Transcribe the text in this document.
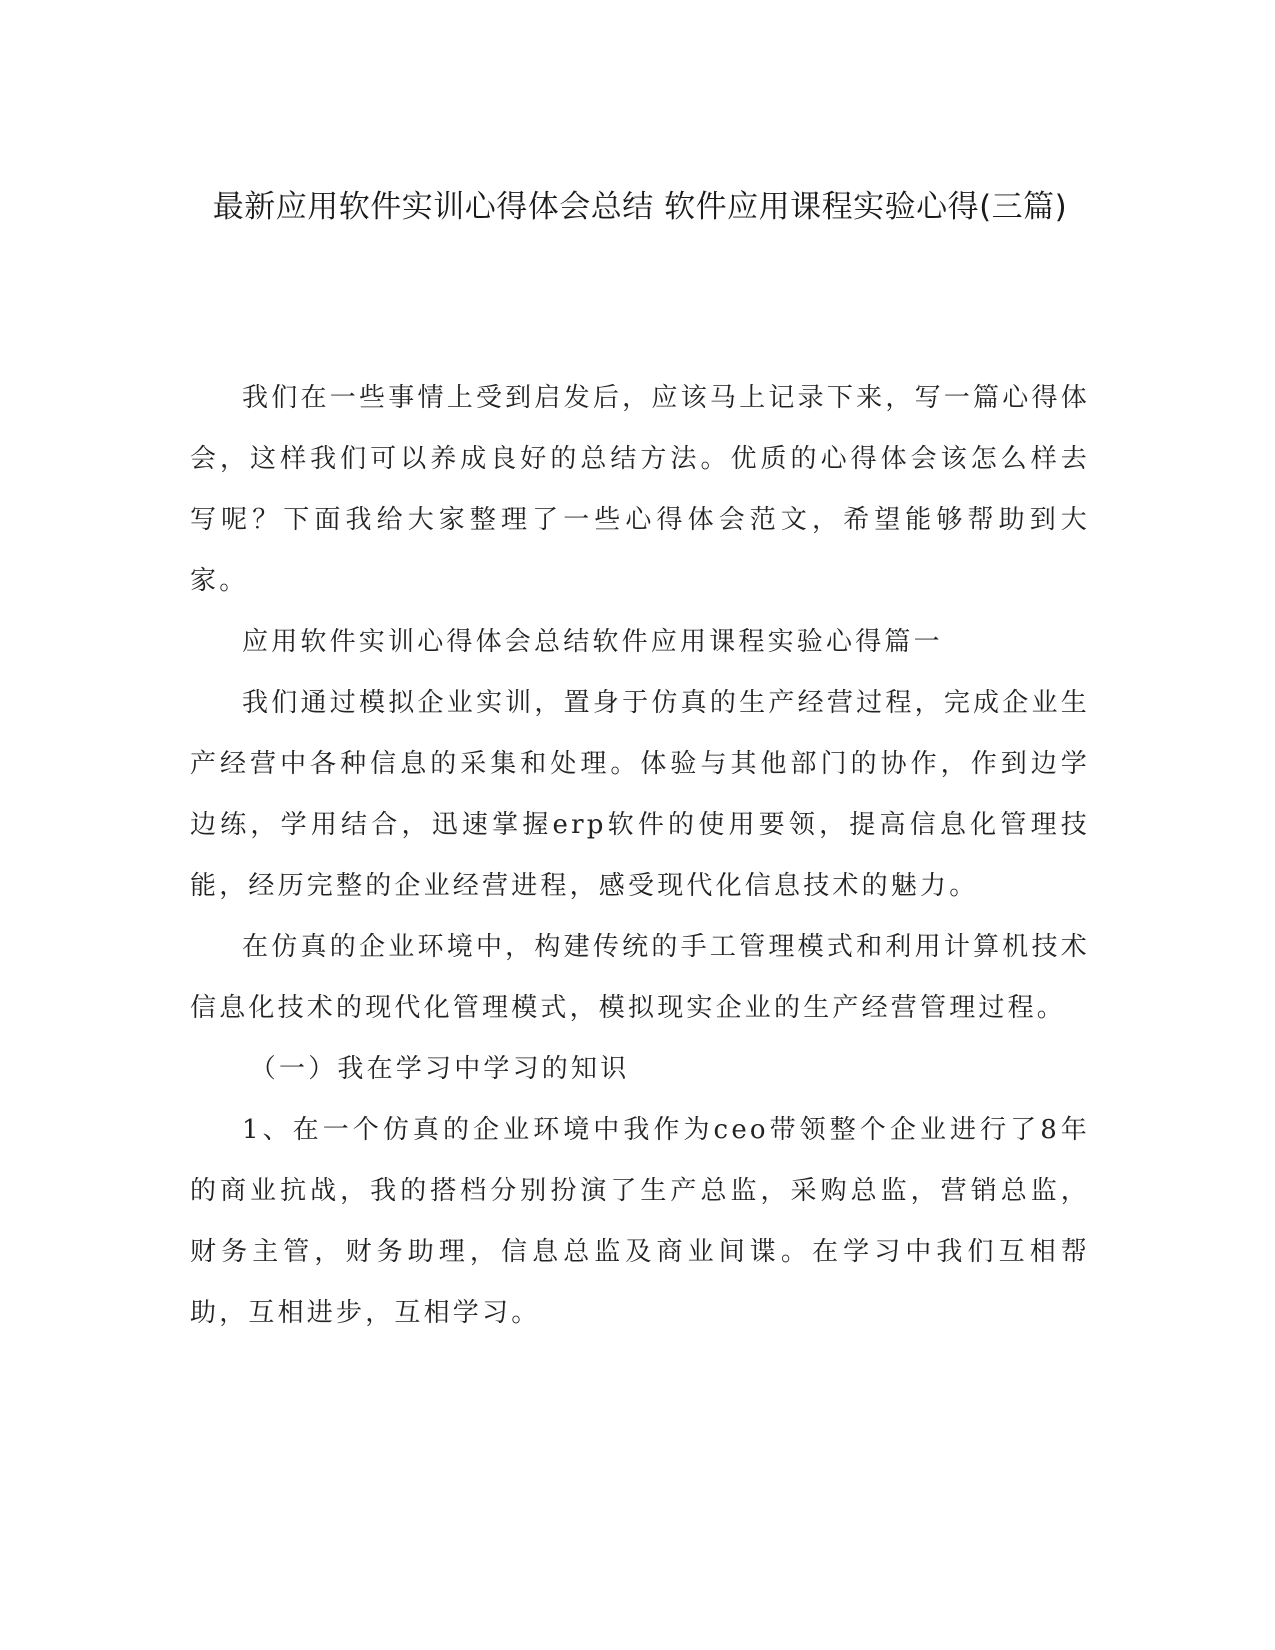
最新应用软件实训心得体会总结 软件应用课程实验心得(三篇)

我们在一些事情上受到启发后，应该马上记录下来，写一篇心得体会，这样我们可以养成良好的总结方法。优质的心得体会该怎么样去写呢？下面我给大家整理了一些心得体会范文，希望能够帮助到大家。

应用软件实训心得体会总结软件应用课程实验心得篇一

我们通过模拟企业实训，置身于仿真的生产经营过程，完成企业生产经营中各种信息的采集和处理。体验与其他部门的协作，作到边学边练，学用结合，迅速掌握erp软件的使用要领，提高信息化管理技能，经历完整的企业经营进程，感受现代化信息技术的魅力。

在仿真的企业环境中，构建传统的手工管理模式和利用计算机技术信息化技术的现代化管理模式，模拟现实企业的生产经营管理过程。

（一）我在学习中学习的知识

1、在一个仿真的企业环境中我作为ceo带领整个企业进行了8年的商业抗战，我的搭档分别扮演了生产总监，采购总监，营销总监，财务主管，财务助理，信息总监及商业间谍。在学习中我们互相帮助，互相进步，互相学习。
